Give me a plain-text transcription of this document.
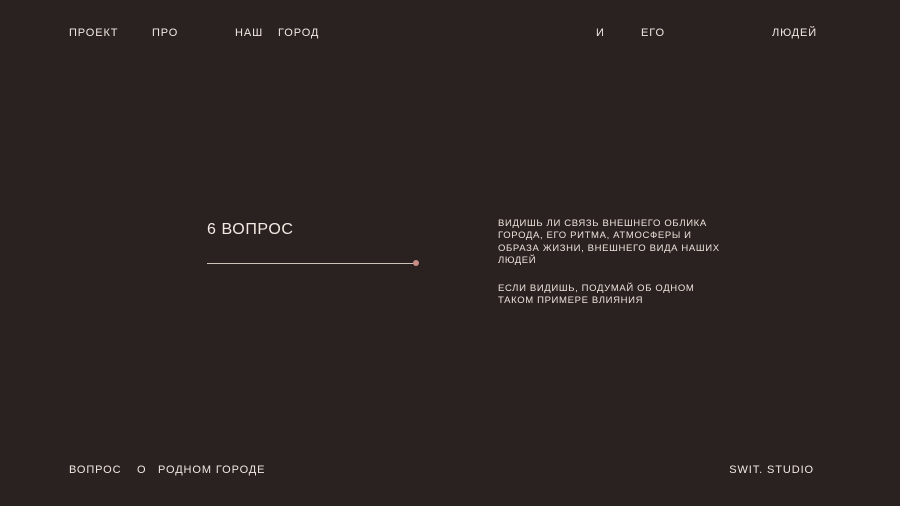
ПРОЕКТ	ПРО	НАШ ГОРОД	И	ЕГО	ЛЮДЕЙ
6 ВОПРОС	ВИДИШЬ ЛИ СВЯЗЬ ВНЕШНЕГО ОБЛИКА ГОРОДА, ЕГО РИТМА, АТМОСФЕРЫ И ОБРАЗА ЖИЗНИ, ВНЕШНЕГО ВИДА НАШИХ ЛЮДЕЙ

ЕСЛИ ВИДИШЬ, ПОДУМАЙ ОБ ОДНОМ ТАКОМ ПРИМЕРЕ ВЛИЯНИЯ

ВОПРОС О РОДНОМ ГОРОДЕ	SWIT. STUDIO
